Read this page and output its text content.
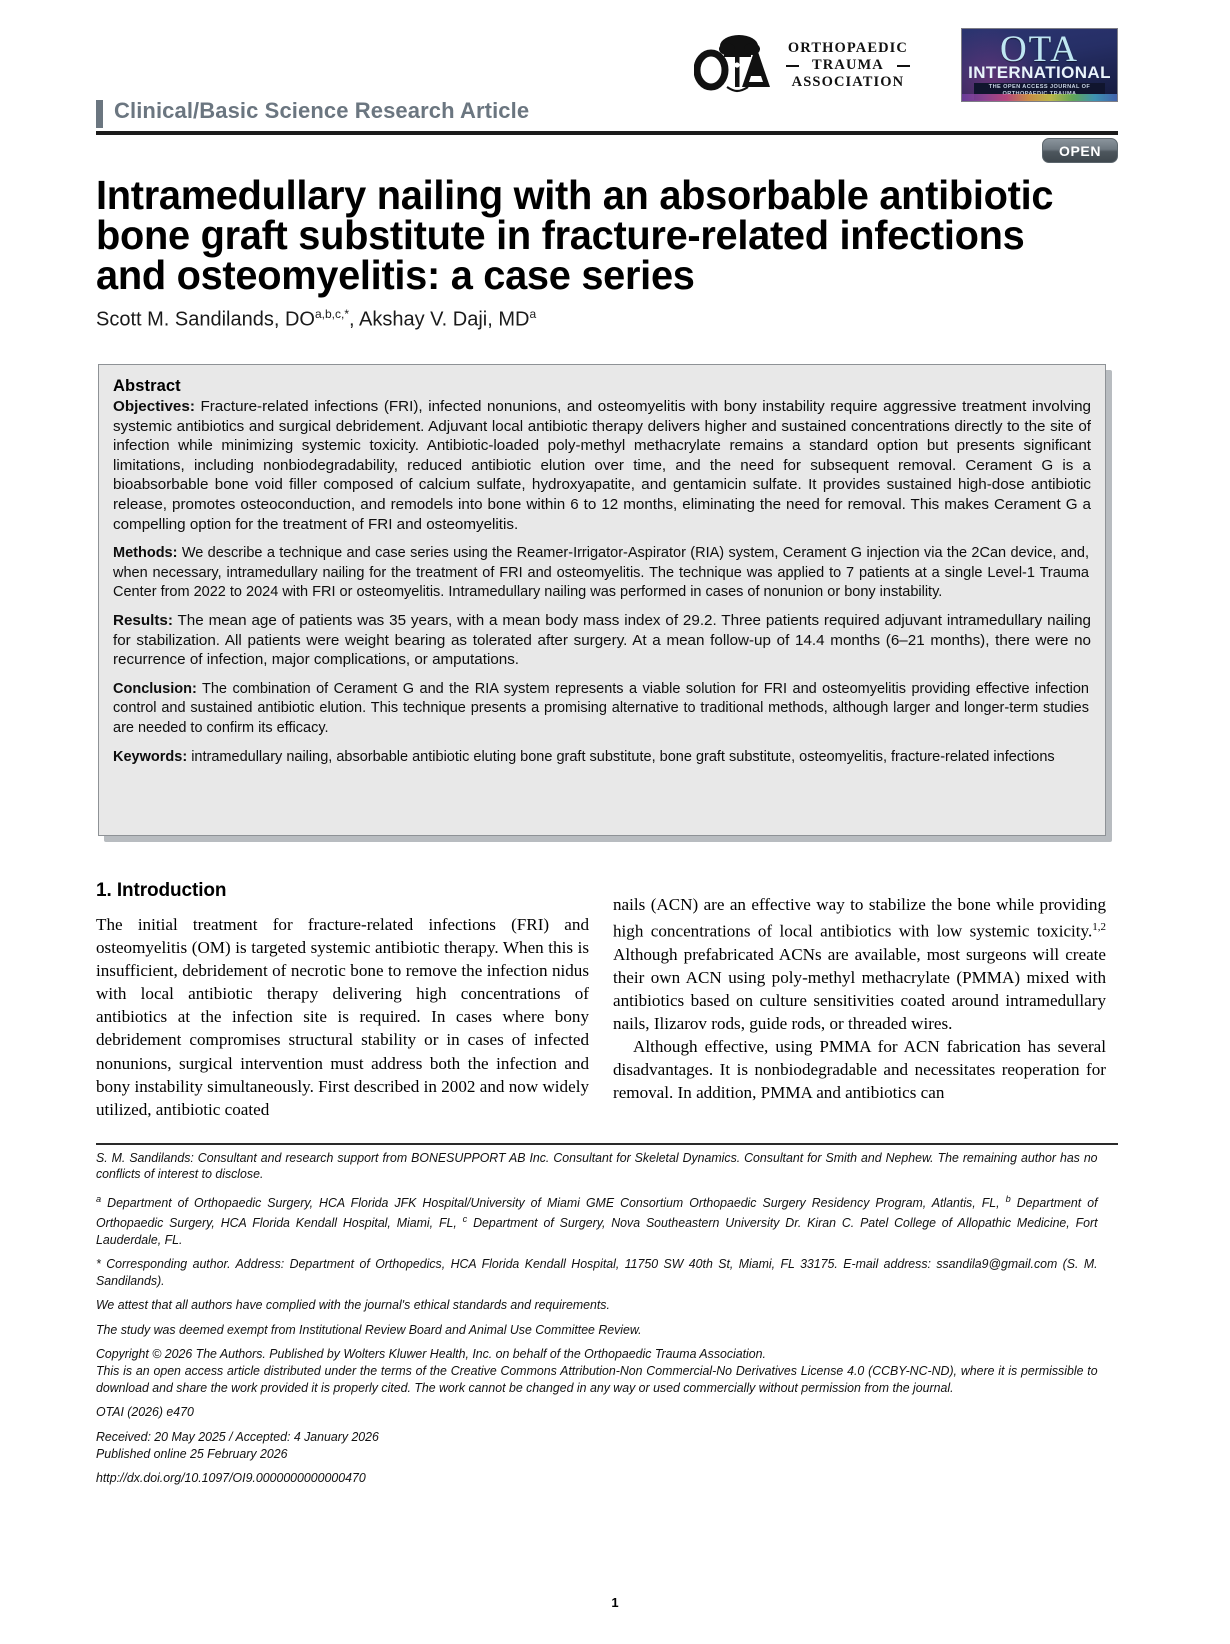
ORTHOPAEDIC
TRAUMA
ASSOCIATION
OTA
INTERNATIONAL
THE OPEN ACCESS JOURNAL OF
Clinical/Basic Science Research Article
OPEN
Intramedullary nailing with an absorbable antibiotic bone graft substitute in fracture-related infections and osteomyelitis: a case series
Scott M. Sandilands, $DO^{a,b,c,*}$, Akshay V. Daji, $MD^a$
Abstract

Objectives: Fracture-related infections (FRI), infected nonunions, and osteomyelitis with bony instability require aggressive treatment involving systemic antibiotics and surgical debridement. Adjuvant local antibiotic therapy delivers higher and sustained concentrations directly to the site of infection while minimizing systemic toxicity. Antibiotic-loaded poly-methyl methacrylate remains a standard option but presents significant limitations, including nonbiodegradability, reduced antibiotic elution over time, and the need for subsequent removal. Cerament G is a bioabsorbable bone void filler composed of calcium sulfate, hydroxyapatite, and gentamicin sulfate. It provides sustained high-dose antibiotic release, promotes osteoconduction, and remodels into bone within 6 to 12 months, eliminating the need for removal. This makes Cerament G a compelling option for the treatment of FRI and osteomyelitis.

Methods: We describe a technique and case series using the Reamer-Irrigator-Aspirator (RIA) system, Cerament G injection via the 2Can device, and, when necessary, intramedullary nailing for the treatment of FRI and osteomyelitis. The technique was applied to 7 patients at a single Level-1 Trauma Center from 2022 to 2024 with FRI or osteomyelitis. Intramedullary nailing was performed in cases of nonunion or bony instability.

Results: The mean age of patients was 35 years, with a mean body mass index of 29.2. Three patients required adjuvant intramedullary nailing for stabilization. All patients were weight bearing as tolerated after surgery. At a mean follow-up of 14.4 months (6–21 months), there were no recurrence of infection, major complications, or amputations.

Conclusion: The combination of Cerament G and the RIA system represents a viable solution for FRI and osteomyelitis providing effective infection control and sustained antibiotic elution. This technique presents a promising alternative to traditional methods, although larger and longer-term studies are needed to confirm its efficacy.

Keywords: intramedullary nailing, absorbable antibiotic eluting bone graft substitute, bone graft substitute, osteomyelitis, fracture-related infections

1. Introduction

The initial treatment for fracture-related infections (FRI) and osteomyelitis (OM) is targeted systemic antibiotic therapy. When this is insufficient, debridement of necrotic bone to remove the infection nidus with local antibiotic therapy delivering high concentrations of antibiotics at the infection site is required. In cases where bony debridement compromises structural stability or in cases of infected nonunions, surgical intervention must address both the infection and bony instability simultaneously. First described in 2002 and now widely utilized, antibiotic coated

nails (ACN) are an effective way to stabilize the bone while providing high concentrations of local antibiotics with low systemic toxicity.$^{1,2}$ Although prefabricated ACNs are available, most surgeons will create their own ACN using poly-methyl methacrylate (PMMA) mixed with antibiotics based on culture sensitivities coated around intramedullary nails, Ilizarov rods, guide rods, or threaded wires.

Although effective, using PMMA for ACN fabrication has several disadvantages. It is nonbiodegradable and necessitates reoperation for removal. In addition, PMMA and antibiotics can

S. M. Sandilands: Consultant and research support from BONESUPPORT AB Inc. Consultant for Skeletal Dynamics. Consultant for Smith and Nephew. The remaining author has no conflicts of interest to disclose.

$^a$ Department of Orthopaedic Surgery, HCA Florida JFK Hospital/University of Miami GME Consortium Orthopaedic Surgery Residency Program, Atlantis, FL, $^b$ Department of Orthopaedic Surgery, HCA Florida Kendall Hospital, Miami, FL, $^c$ Department of Surgery, Nova Southeastern University Dr. Kiran C. Patel College of Allopathic Medicine, Fort Lauderdale, FL.

* Corresponding author. Address: Department of Orthopedics, HCA Florida Kendall Hospital, 11750 SW 40th St, Miami, FL 33175. E-mail address: ssandila9@gmail.com (S. M. Sandilands).

We attest that all authors have complied with the journal's ethical standards and requirements.

The study was deemed exempt from Institutional Review Board and Animal Use Committee Review.

Copyright © 2026 The Authors. Published by Wolters Kluwer Health, Inc. on behalf of the Orthopaedic Trauma Association.

This is an open access article distributed under the terms of the Creative Commons Attribution-Non Commercial-No Derivatives License 4.0 (CCBY-NC-ND), where it is permissible to download and share the work provided it is properly cited. The work cannot be changed in any way or used commercially without permission from the journal.

OTAI (2026) e470

Received: 20 May 2025 / Accepted: 4 January 2026

Published online 25 February 2026

http://dx.doi.org/10.1097/OI9.0000000000000470

1
